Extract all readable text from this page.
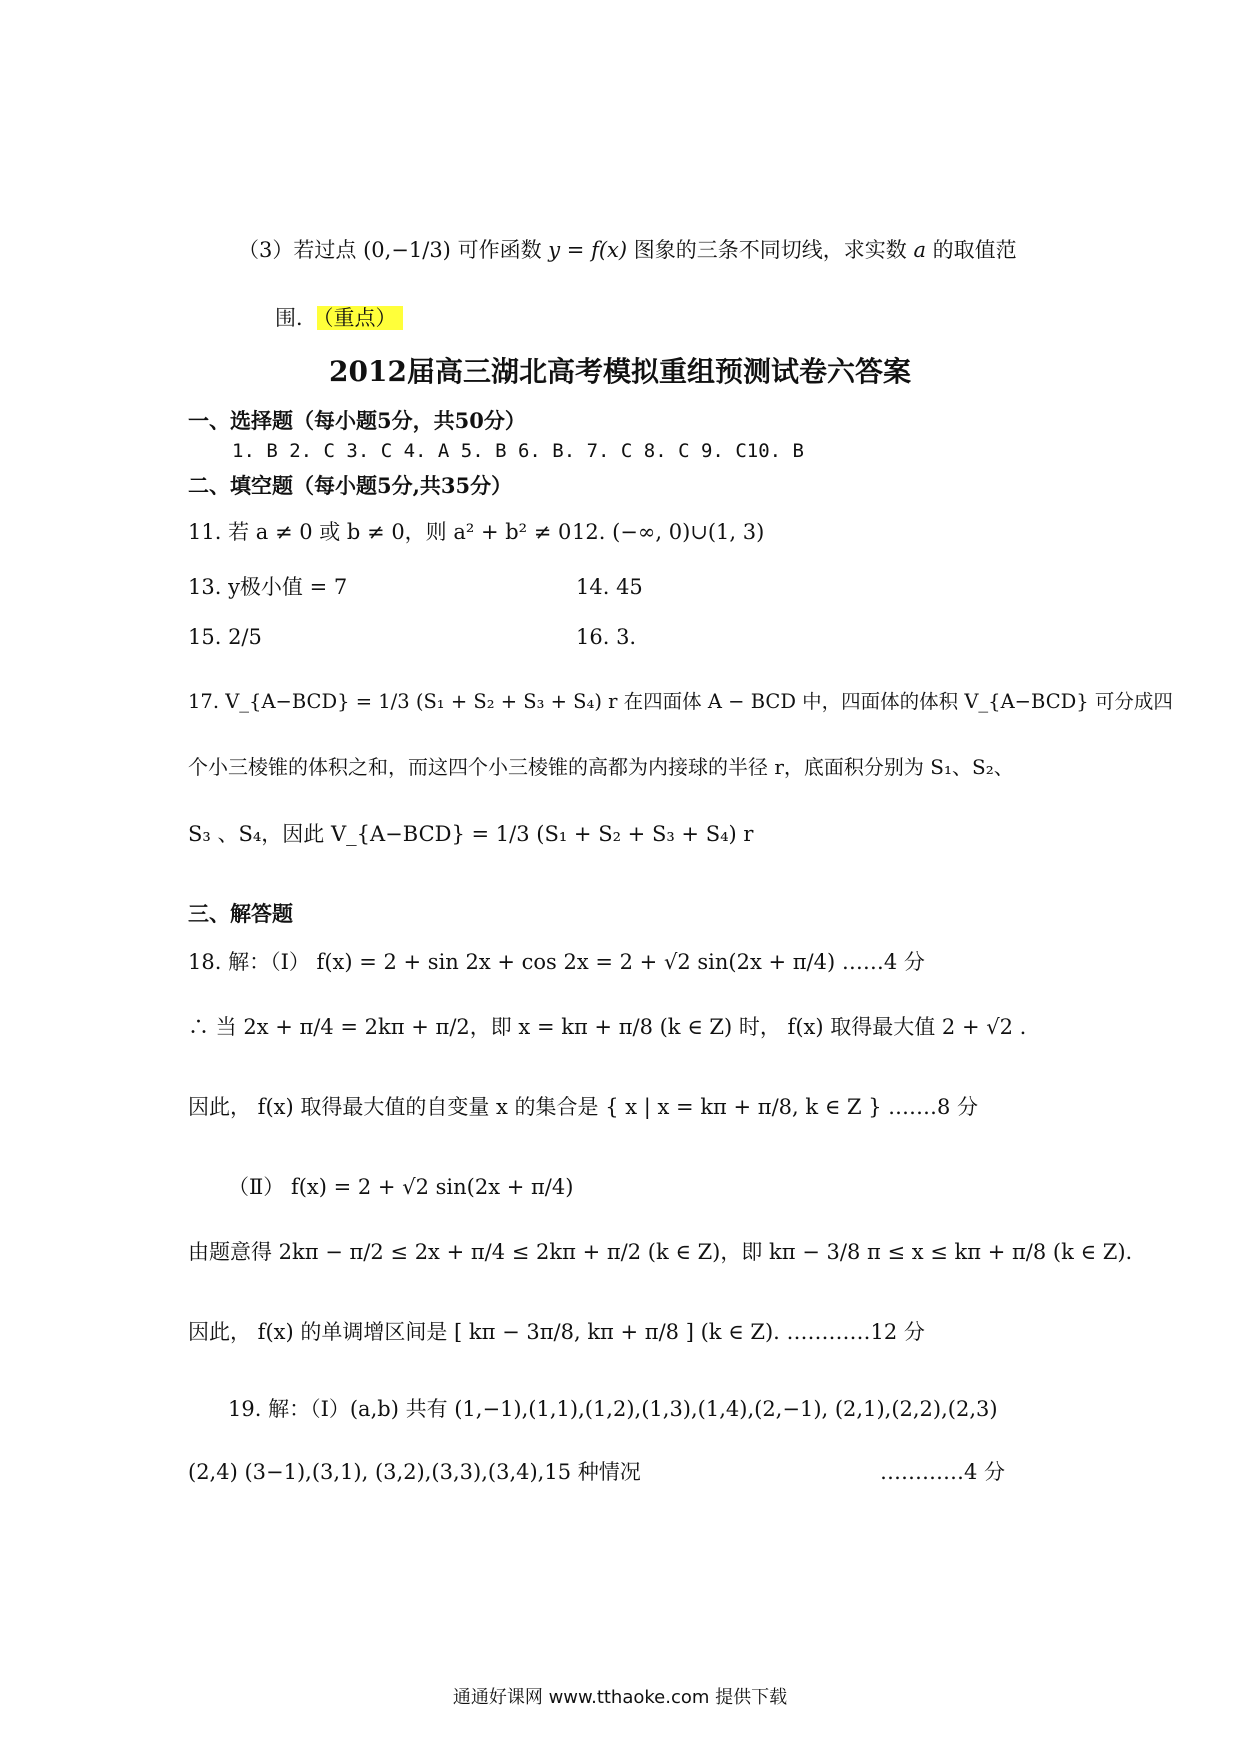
（3）若过点 (0,−1/3) 可作函数 y = f(x) 图象的三条不同切线，求实数 a 的取值范
围． （重点）
2012届高三湖北高考模拟重组预测试卷六答案
一、选择题（每小题5分，共50分）
1. B 2. C 3. C 4. A 5. B 6. B. 7. C 8. C 9. C10. B
二、填空题（每小题5分,共35分）
11. 若 a ≠ 0 或 b ≠ 0，则 a² + b² ≠ 0 12. (−∞, 0)∪(1, 3)
13. y极小值 = 7	14. 45
15. 2/5	16. 3.
17. V_{A−BCD} = 1/3 (S₁ + S₂ + S₃ + S₄) r 在四面体 A − BCD 中，四面体的体积 V_{A−BCD} 可分成四
个小三棱锥的体积之和，而这四个小三棱锥的高都为内接球的半径 r，底面积分别为 S₁、S₂、
S₃ 、S₄，因此 V_{A−BCD} = 1/3 (S₁ + S₂ + S₃ + S₄) r
三、解答题
18. 解：（Ⅰ） f(x) = 2 + sin 2x + cos 2x = 2 + √2 sin(2x + π/4) ……4 分
∴ 当 2x + π/4 = 2kπ + π/2，即 x = kπ + π/8 (k ∈ Z) 时， f(x) 取得最大值 2 + √2 .
因此， f(x) 取得最大值的自变量 x 的集合是 { x | x = kπ + π/8, k ∈ Z } .……8 分
（Ⅱ） f(x) = 2 + √2 sin(2x + π/4)
由题意得 2kπ − π/2 ≤ 2x + π/4 ≤ 2kπ + π/2 (k ∈ Z)，即 kπ − 3/8 π ≤ x ≤ kπ + π/8 (k ∈ Z).
因此， f(x) 的单调增区间是 [ kπ − 3π/8, kπ + π/8 ] (k ∈ Z). …………12 分
19. 解：（Ⅰ）(a,b) 共有 (1,−1),(1,1),(1,2),(1,3),(1,4),(2,−1), (2,1),(2,2),(2,3)
(2,4) (3−1),(3,1), (3,2),(3,3),(3,4),15 种情况	…………4 分
通通好课网 www.tthaoke.com 提供下载
